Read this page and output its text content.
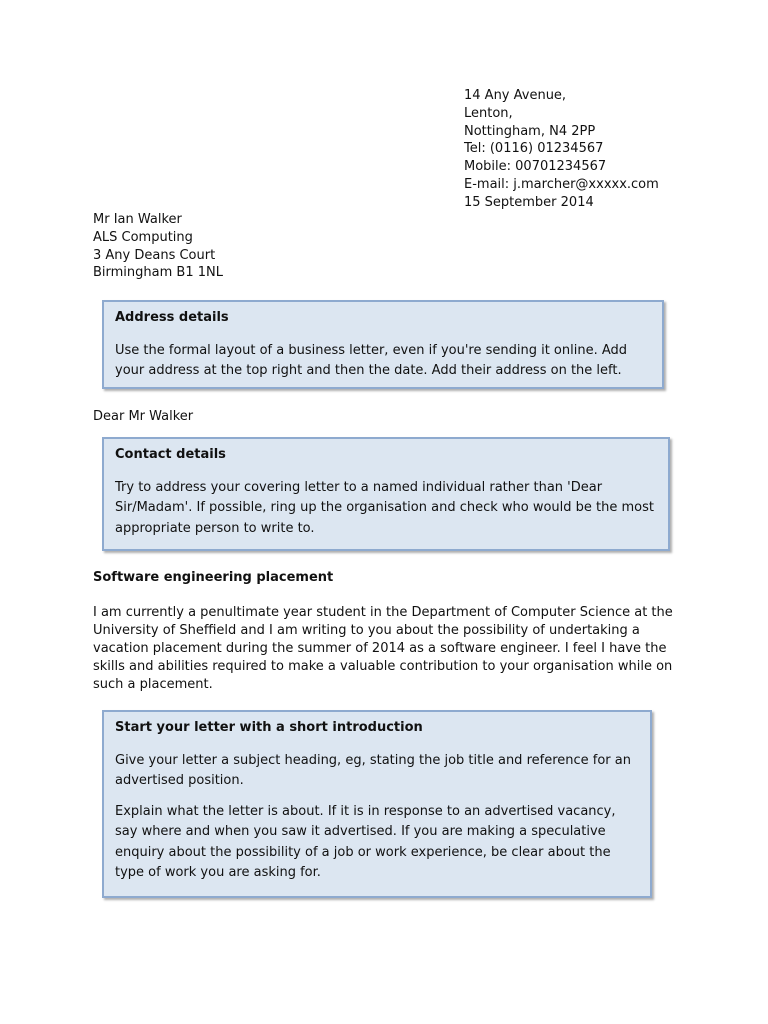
14 Any Avenue,
Lenton,
Nottingham, N4 2PP
Tel: (0116) 01234567
Mobile: 00701234567
E-mail: j.marcher@xxxxx.com
15 September 2014
Mr Ian Walker
ALS Computing
3 Any Deans Court
Birmingham B1 1NL

Address details

Use the formal layout of a business letter, even if you're sending it online. Add your address at the top right and then the date. Add their address on the left.

Dear Mr Walker

Contact details

Try to address your covering letter to a named individual rather than 'Dear Sir/Madam'. If possible, ring up the organisation and check who would be the most appropriate person to write to.

Software engineering placement

I am currently a penultimate year student in the Department of Computer Science at the University of Sheffield and I am writing to you about the possibility of undertaking a vacation placement during the summer of 2014 as a software engineer. I feel I have the skills and abilities required to make a valuable contribution to your organisation while on such a placement.

Start your letter with a short introduction

Give your letter a subject heading, eg, stating the job title and reference for an advertised position.

Explain what the letter is about. If it is in response to an advertised vacancy, say where and when you saw it advertised. If you are making a speculative enquiry about the possibility of a job or work experience, be clear about the type of work you are asking for.
